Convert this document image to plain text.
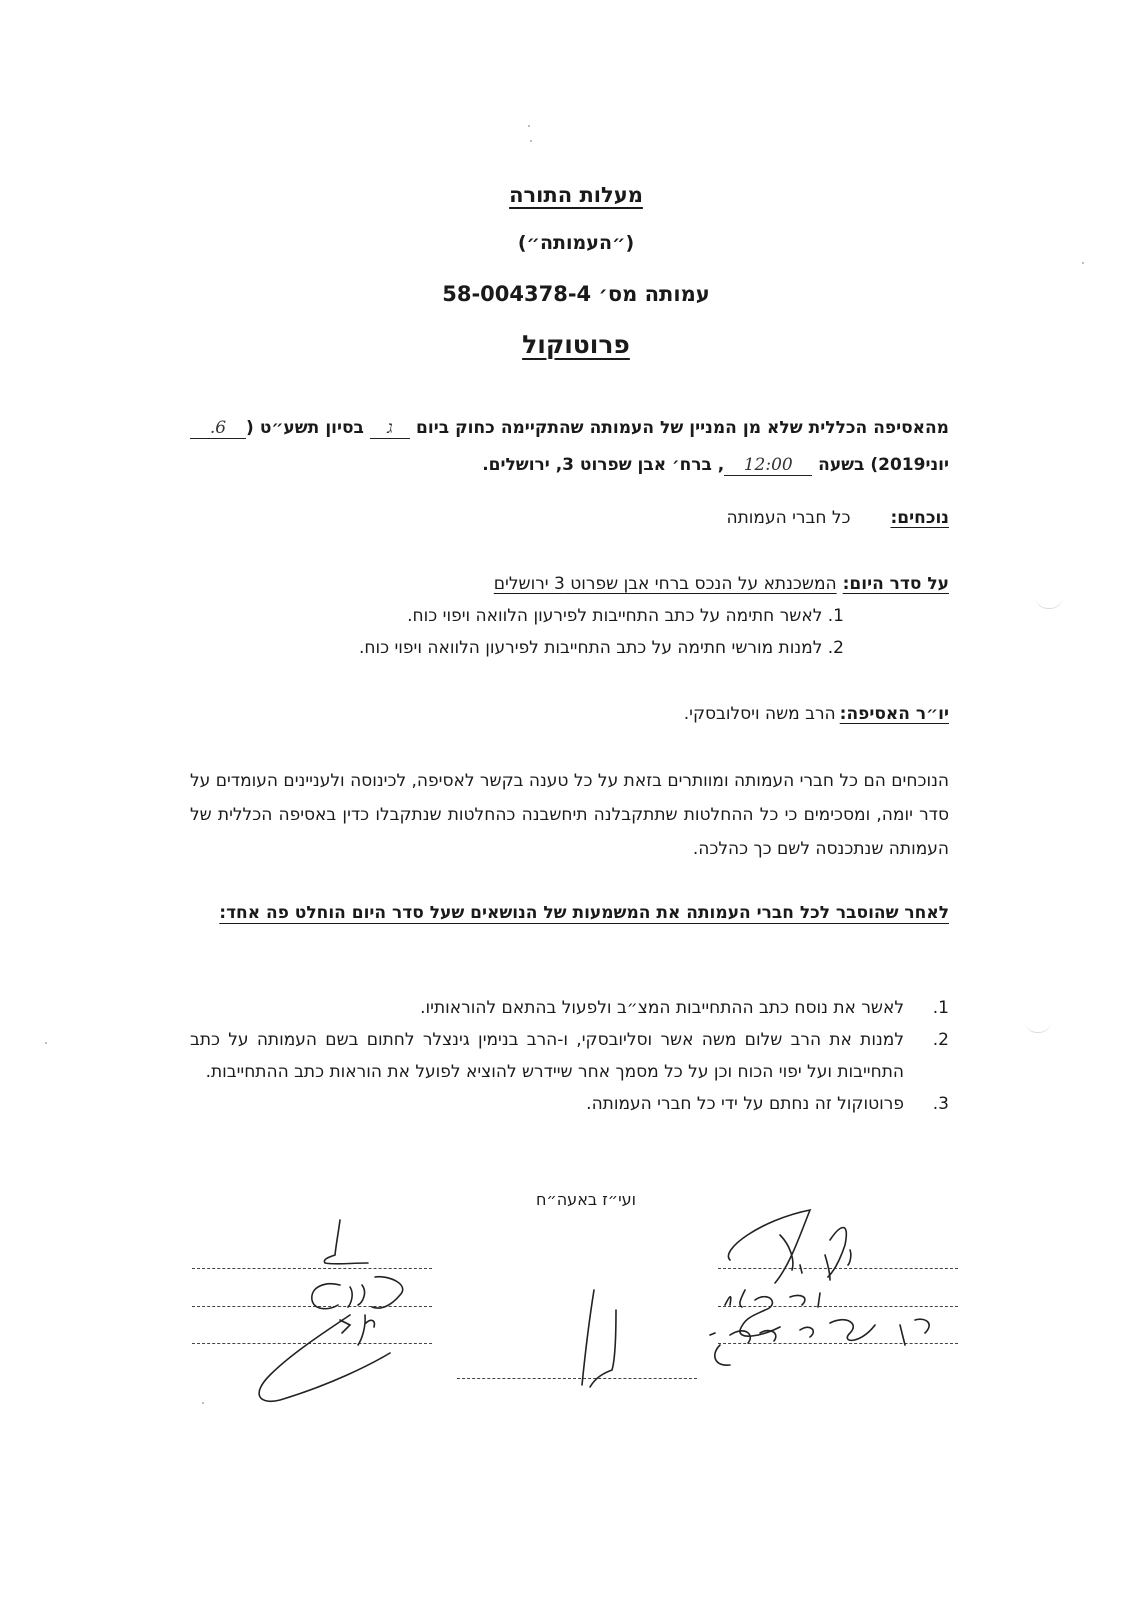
מעלות התורה
(״העמותה״)
עמותה מס׳ 58-004378-4
פרוטוקול
מהאסיפה הכללית שלא מן המניין של העמותה שהתקיימה כחוק ביום ג בסיון תשע״ט (6. יוני2019) בשעה 12:00, ברח׳ אבן שפרוט 3, ירושלים.
נוכחים:כל חברי העמותה
על סדר היום:המשכנתא על הנכס ברחי אבן שפרוט 3 ירושלים
1. לאשר חתימה על כתב התחייבות לפירעון הלוואה ויפוי כוח.
2. למנות מורשי חתימה על כתב התחייבות לפירעון הלוואה ויפוי כוח.
יו״ר האסיפה:הרב משה ויסלובסקי.
הנוכחים הם כל חברי העמותה ומוותרים בזאת על כל טענה בקשר לאסיפה, לכינוסה ולעניינים העומדים על סדר יומה, ומסכימים כי כל ההחלטות שתתקבלנה תיחשבנה כהחלטות שנתקבלו כדין באסיפה הכללית של העמותה שנתכנסה לשם כך כהלכה.
לאחר שהוסבר לכל חברי העמותה את המשמעות של הנושאים שעל סדר היום הוחלט פה אחד:
1.
לאשר את נוסח כתב ההתחייבות המצ״ב ולפעול בהתאם להוראותיו.
2.
למנות את הרב שלום משה אשר וסליובסקי, ו-הרב בנימין גינצלר לחתום בשם העמותה על כתב התחייבות ועל יפוי הכוח וכן על כל מסמך אחר שיידרש להוציא לפועל את הוראות כתב ההתחייבות.
3.
פרוטוקול זה נחתם על ידי כל חברי העמותה.
ועי״ז באעה״ח
